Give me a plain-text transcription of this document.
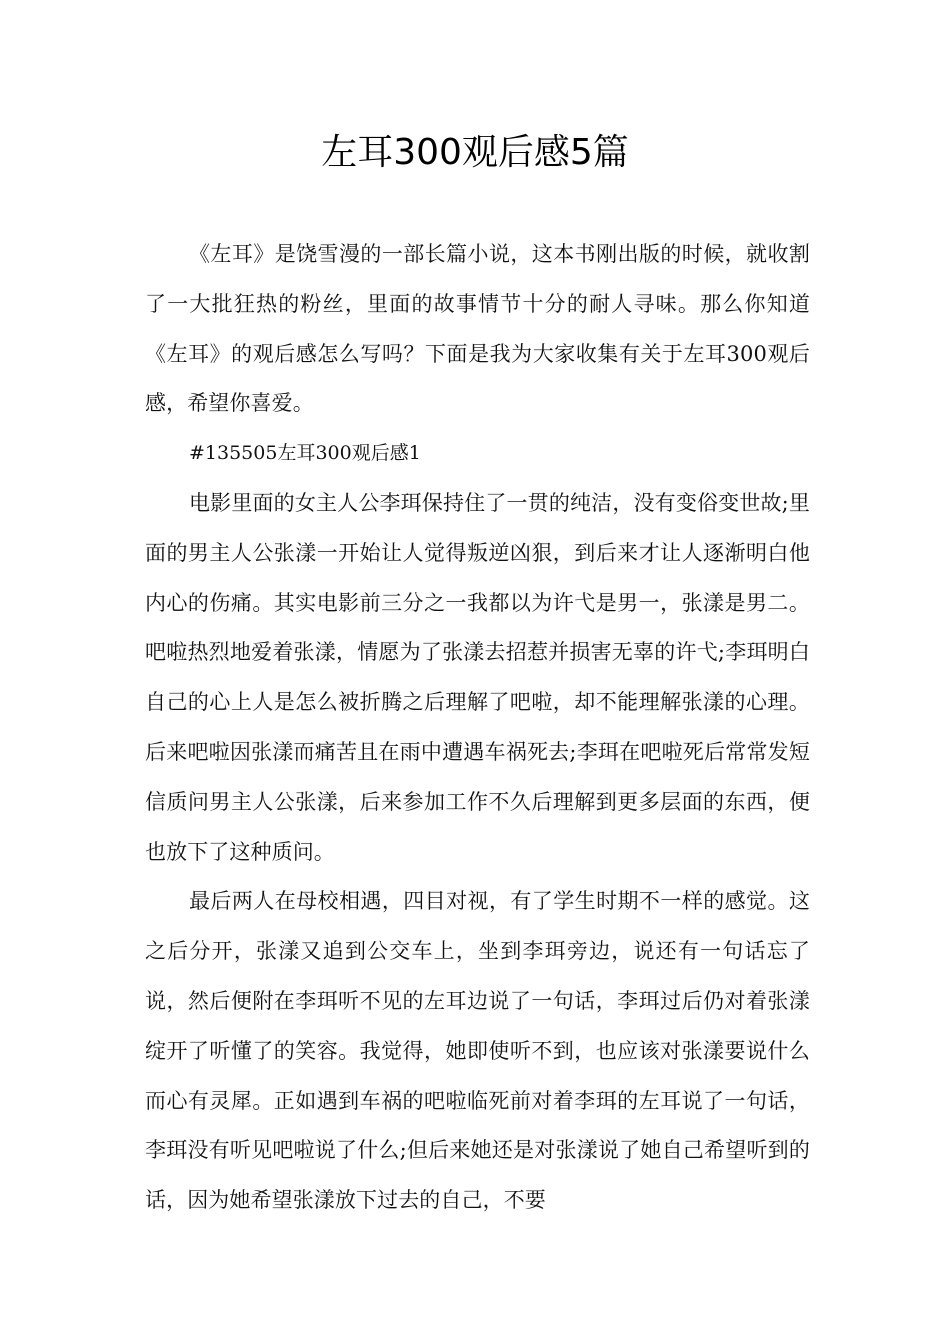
左耳300观后感5篇

《左耳》是饶雪漫的一部长篇小说，这本书刚出版的时候，就收割了一大批狂热的粉丝，里面的故事情节十分的耐人寻味。那么你知道《左耳》的观后感怎么写吗？下面是我为大家收集有关于左耳300观后感，希望你喜爱。

#135505左耳300观后感1

电影里面的女主人公李珥保持住了一贯的纯洁，没有变俗变世故;里面的男主人公张漾一开始让人觉得叛逆凶狠，到后来才让人逐渐明白他内心的伤痛。其实电影前三分之一我都以为许弋是男一，张漾是男二。吧啦热烈地爱着张漾，情愿为了张漾去招惹并损害无辜的许弋;李珥明白自己的心上人是怎么被折腾之后理解了吧啦，却不能理解张漾的心理。后来吧啦因张漾而痛苦且在雨中遭遇车祸死去;李珥在吧啦死后常常发短信质问男主人公张漾，后来参加工作不久后理解到更多层面的东西，便也放下了这种质问。

最后两人在母校相遇，四目对视，有了学生时期不一样的感觉。这之后分开，张漾又追到公交车上，坐到李珥旁边，说还有一句话忘了说，然后便附在李珥听不见的左耳边说了一句话，李珥过后仍对着张漾绽开了听懂了的笑容。我觉得，她即使听不到，也应该对张漾要说什么而心有灵犀。正如遇到车祸的吧啦临死前对着李珥的左耳说了一句话，李珥没有听见吧啦说了什么;但后来她还是对张漾说了她自己希望听到的话，因为她希望张漾放下过去的自己，不要
